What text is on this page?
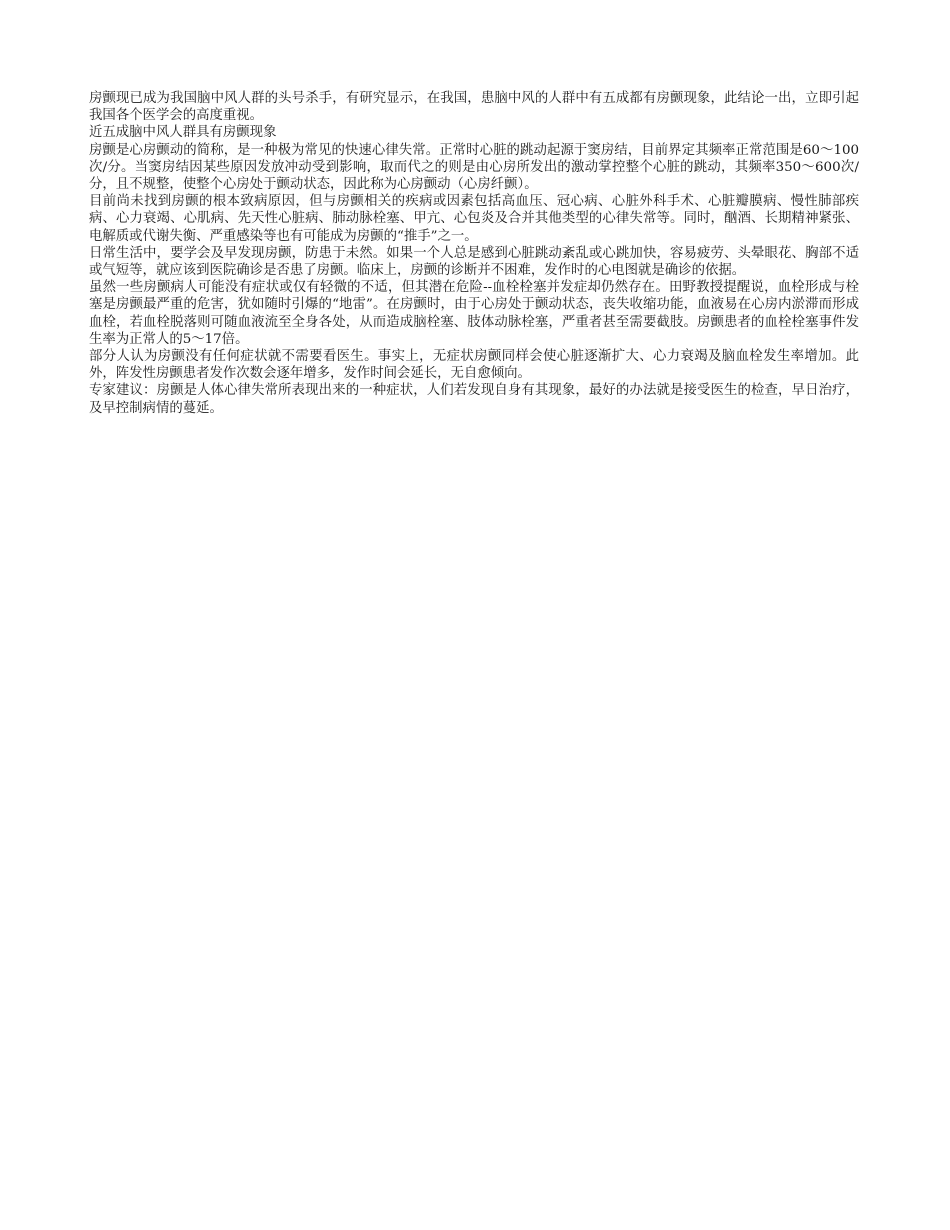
房颤现已成为我国脑中风人群的头号杀手，有研究显示，在我国，患脑中风的人群中有五成都有房颤现象，此结论一出，立即引起我国各个医学会的高度重视。

近五成脑中风人群具有房颤现象

房颤是心房颤动的简称，是一种极为常见的快速心律失常。正常时心脏的跳动起源于窦房结，目前界定其频率正常范围是60～100次/分。当窦房结因某些原因发放冲动受到影响，取而代之的则是由心房所发出的激动掌控整个心脏的跳动，其频率350～600次/分，且不规整，使整个心房处于颤动状态，因此称为心房颤动（心房纤颤）。

目前尚未找到房颤的根本致病原因，但与房颤相关的疾病或因素包括高血压、冠心病、心脏外科手术、心脏瓣膜病、慢性肺部疾病、心力衰竭、心肌病、先天性心脏病、肺动脉栓塞、甲亢、心包炎及合并其他类型的心律失常等。同时，酗酒、长期精神紧张、电解质或代谢失衡、严重感染等也有可能成为房颤的“推手”之一。

日常生活中，要学会及早发现房颤，防患于未然。如果一个人总是感到心脏跳动紊乱或心跳加快，容易疲劳、头晕眼花、胸部不适或气短等，就应该到医院确诊是否患了房颤。临床上，房颤的诊断并不困难，发作时的心电图就是确诊的依据。

虽然一些房颤病人可能没有症状或仅有轻微的不适，但其潜在危险--血栓栓塞并发症却仍然存在。田野教授提醒说，血栓形成与栓塞是房颤最严重的危害，犹如随时引爆的“地雷”。在房颤时，由于心房处于颤动状态，丧失收缩功能，血液易在心房内淤滞而形成血栓，若血栓脱落则可随血液流至全身各处，从而造成脑栓塞、肢体动脉栓塞，严重者甚至需要截肢。房颤患者的血栓栓塞事件发生率为正常人的5～17倍。

部分人认为房颤没有任何症状就不需要看医生。事实上，无症状房颤同样会使心脏逐渐扩大、心力衰竭及脑血栓发生率增加。此外，阵发性房颤患者发作次数会逐年增多，发作时间会延长，无自愈倾向。

专家建议：房颤是人体心律失常所表现出来的一种症状，人们若发现自身有其现象，最好的办法就是接受医生的检查，早日治疗，及早控制病情的蔓延。
